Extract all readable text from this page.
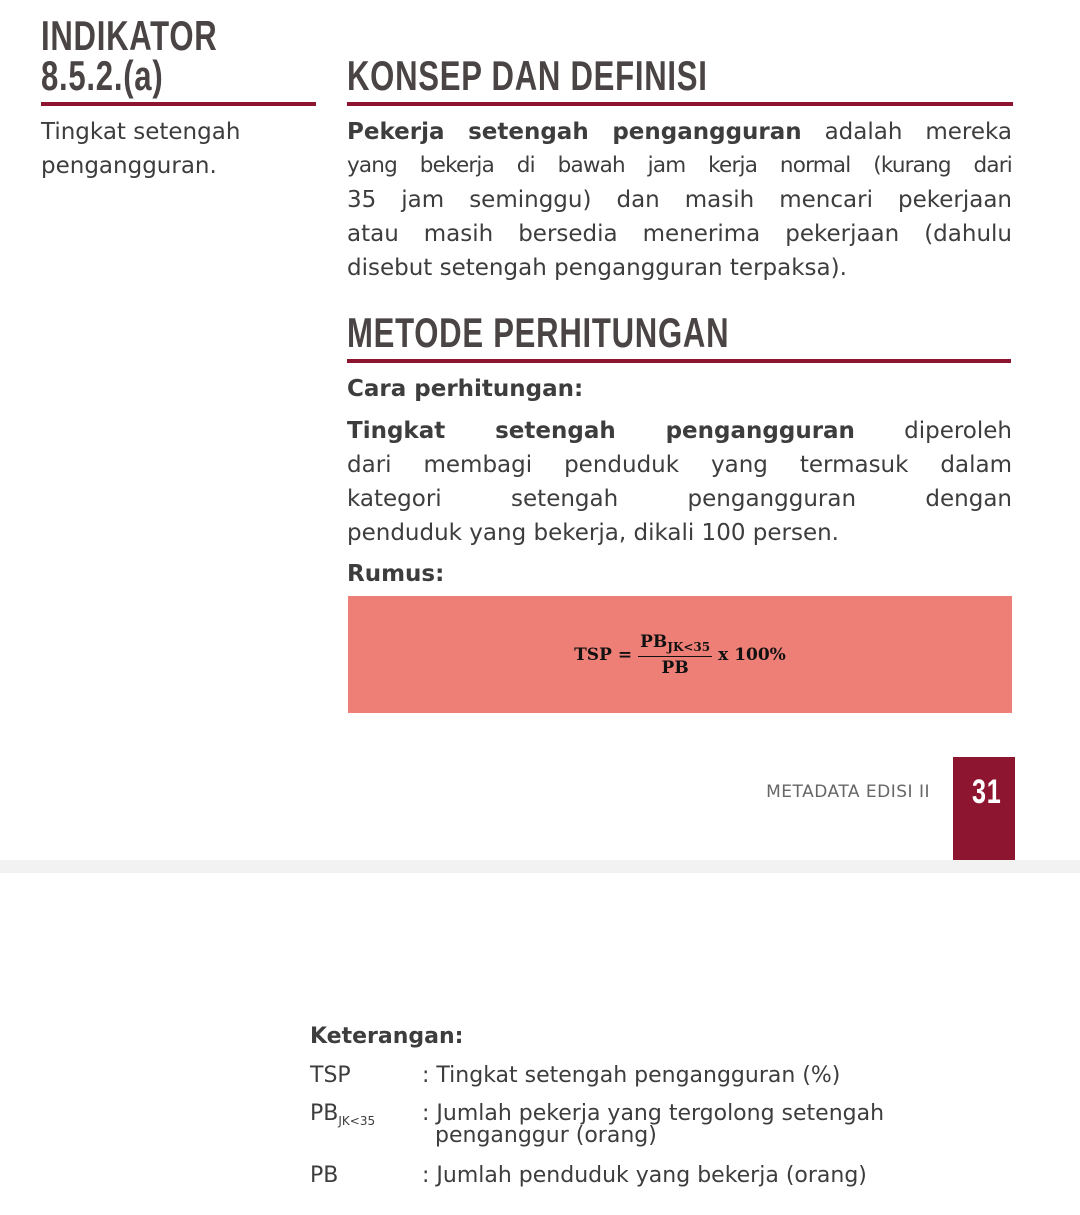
INDIKATOR
8.5.2.(a)
Tingkat setengah
pengangguran.
KONSEP DAN DEFINISI
Pekerja setengah pengangguran adalah mereka
yang bekerja di bawah jam kerja normal (kurang dari
35 jam seminggu) dan masih mencari pekerjaan
atau masih bersedia menerima pekerjaan (dahulu
disebut setengah pengangguran terpaksa).
METODE PERHITUNGAN
Cara perhitungan:
Tingkat setengah pengangguran diperoleh
dari membagi penduduk yang termasuk dalam
kategori setengah pengangguran dengan
penduduk yang bekerja, dikali 100 persen.
Rumus:
TSP = $\frac{PB_{JK<35}}{PB}$ x 100%
METADATA EDISI II 31
Keterangan:
TSP	: Tingkat setengah pengangguran (%)
$PB_{JK<35}$	: Jumlah pekerja yang tergolong setengah
penganggur (orang)
PB	: Jumlah penduduk yang bekerja (orang)
